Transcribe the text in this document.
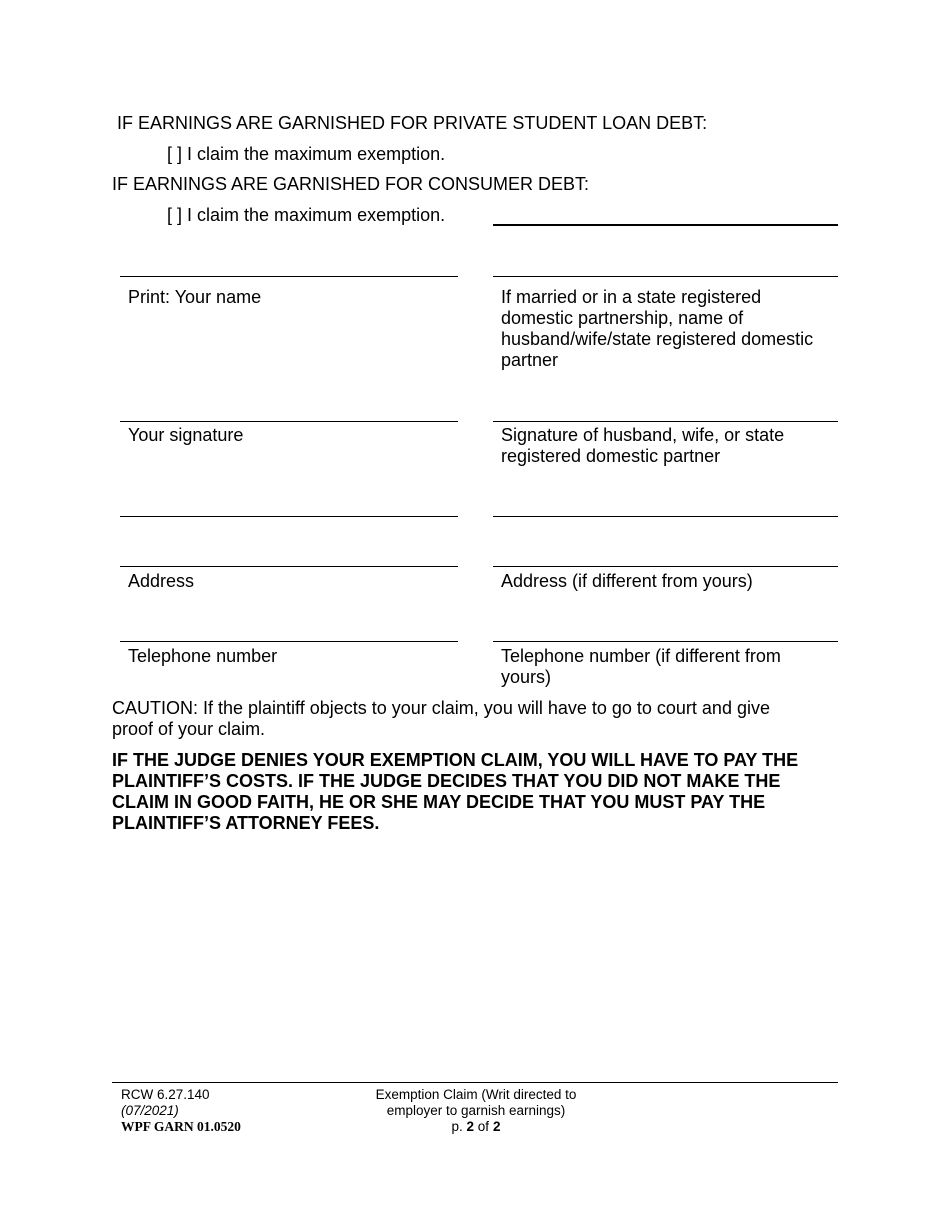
IF EARNINGS ARE GARNISHED FOR PRIVATE STUDENT LOAN DEBT:
[ ] I claim the maximum exemption.
IF EARNINGS ARE GARNISHED FOR CONSUMER DEBT:
[ ] I claim the maximum exemption.
Print: Your name	If married or in a state registered domestic partnership, name of husband/wife/state registered domestic partner
Your signature	Signature of husband, wife, or state registered domestic partner
Address	Address (if different from yours)
Telephone number	Telephone number (if different from yours)
CAUTION: If the plaintiff objects to your claim, you will have to go to court and give proof of your claim.
IF THE JUDGE DENIES YOUR EXEMPTION CLAIM, YOU WILL HAVE TO PAY THE PLAINTIFF’S COSTS. IF THE JUDGE DECIDES THAT YOU DID NOT MAKE THE CLAIM IN GOOD FAITH, HE OR SHE MAY DECIDE THAT YOU MUST PAY THE PLAINTIFF’S ATTORNEY FEES.
RCW 6.27.140
(07/2021)
WPF GARN 01.0520
Exemption Claim (Writ directed to
employer to garnish earnings)
p. 2 of 2
